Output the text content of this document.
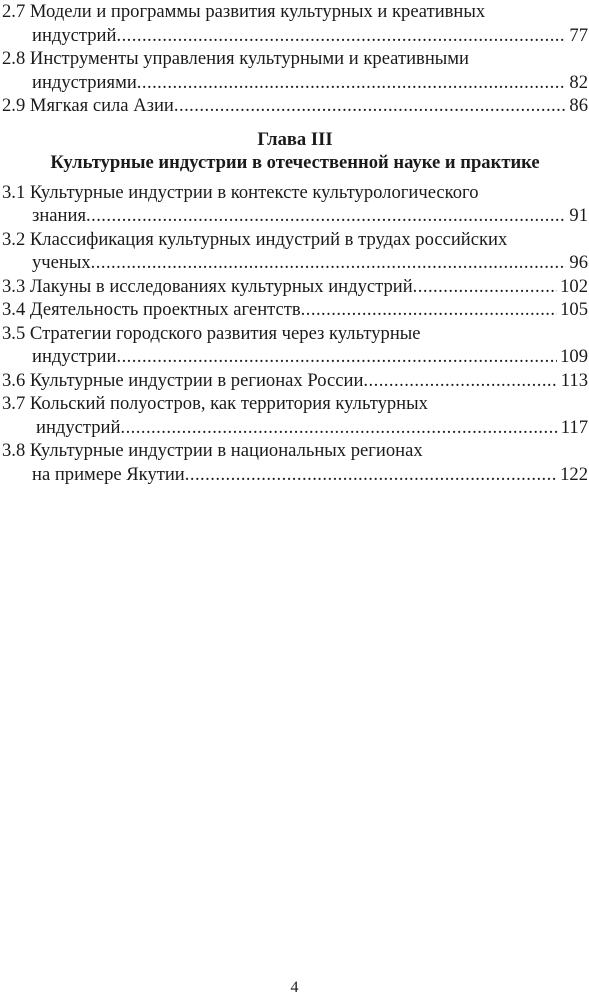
2.7 Модели и программы развития культурных и креативных
индустрий . . .	77
2.8 Инструменты управления культурными и креативными
индустриями . . .	82
2.9 Мягкая сила Азии . . .	86
Глава III
Культурные индустрии в отечественной науке и практике
3.1 Культурные индустрии в контексте культурологического
знания . . .	91
3.2 Классификация культурных индустрий в трудах российских
ученых . . .	96
3.3 Лакуны в исследованиях культурных индустрий . . .	102
3.4 Деятельность проектных агентств . . .	105
3.5 Стратегии городского развития через культурные
индустрии . . .	109
3.6 Культурные индустрии в регионах России . . .	113
3.7 Кольский полуостров, как территория культурных
индустрий . . .	117
3.8 Культурные индустрии в национальных регионах
на примере Якутии . . .	122
4
